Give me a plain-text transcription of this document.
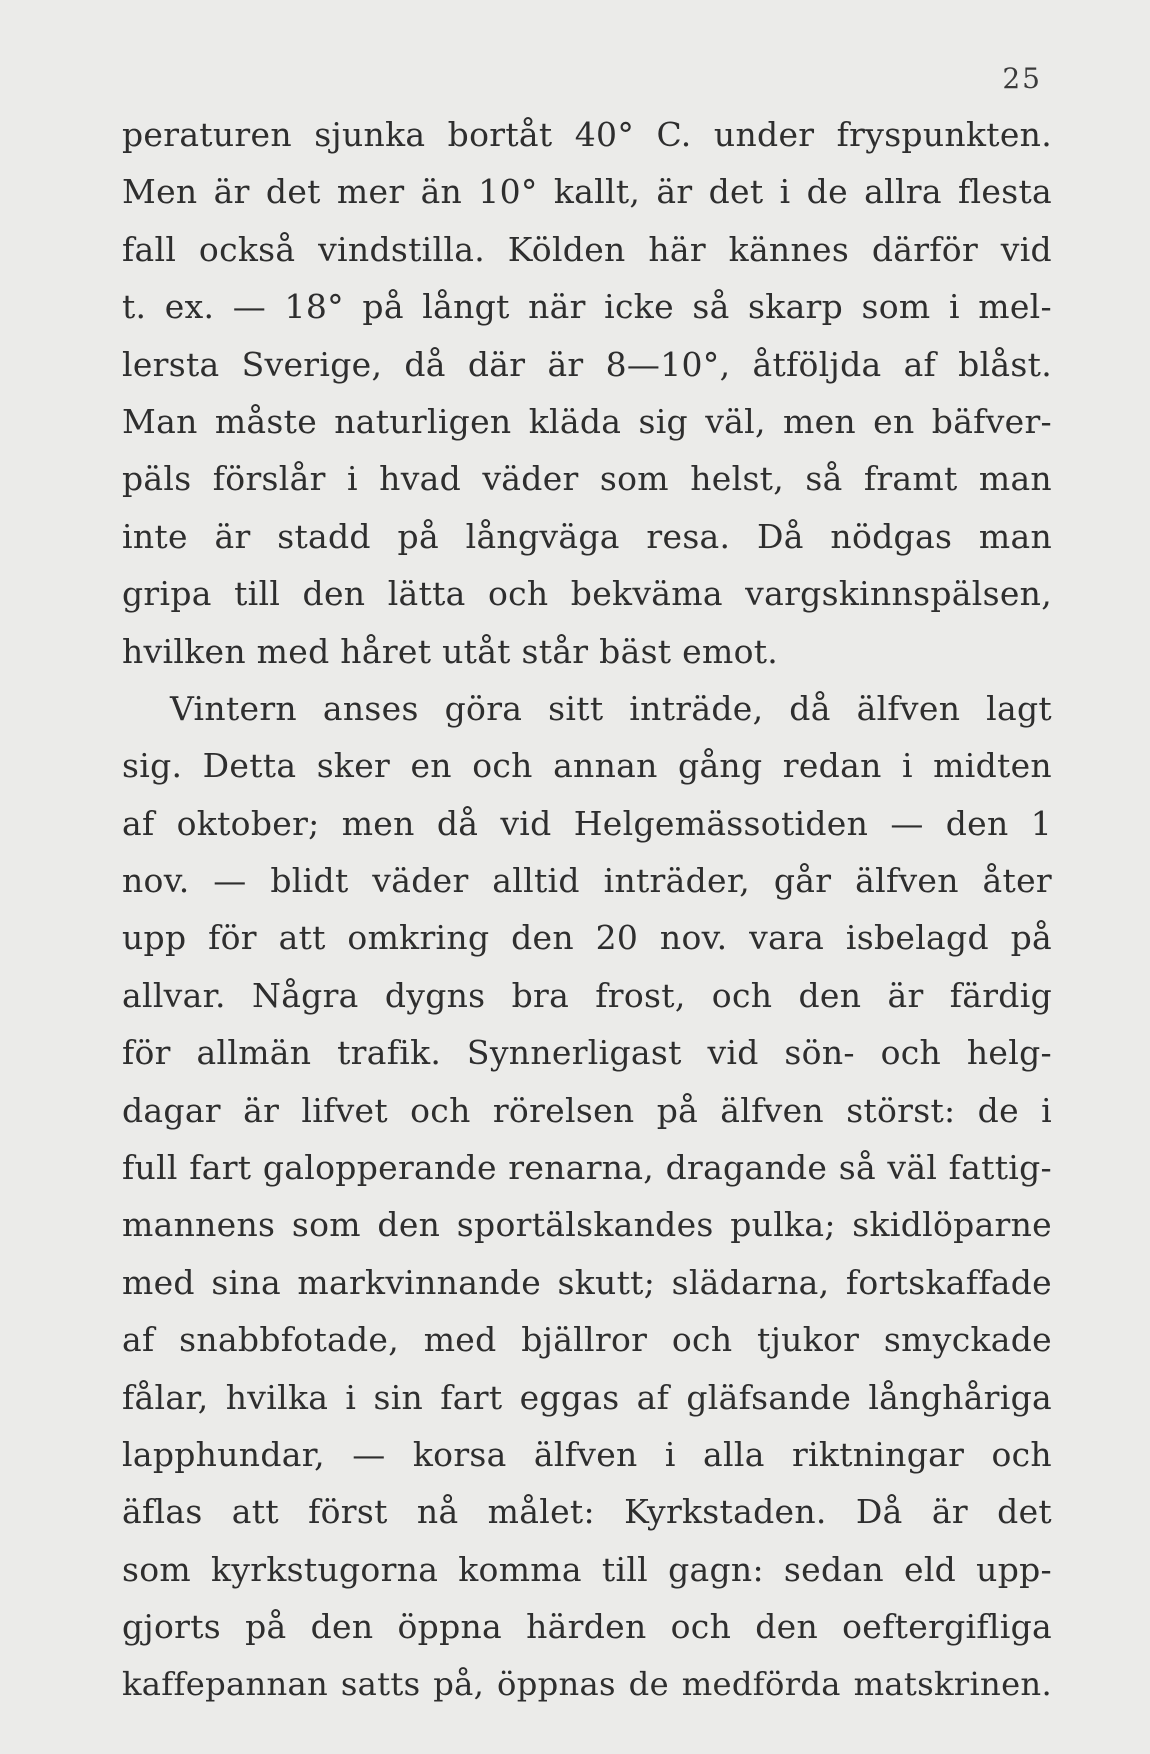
25
peraturen sjunka bortåt 40° C. under fryspunkten.
Men är det mer än 10° kallt, är det i de allra flesta
fall också vindstilla. Kölden här kännes därför vid
t. ex. — 18° på långt när icke så skarp som i mel-
lersta Sverige, då där är 8—10°, åtföljda af blåst.
Man måste naturligen kläda sig väl, men en bäfver-
päls förslår i hvad väder som helst, så framt man
inte är stadd på långväga resa. Då nödgas man
gripa till den lätta och bekväma vargskinnspälsen,
hvilken med håret utåt står bäst emot.
Vintern anses göra sitt inträde, då älfven lagt
sig. Detta sker en och annan gång redan i midten
af oktober; men då vid Helgemässotiden — den 1
nov. — blidt väder alltid inträder, går älfven åter
upp för att omkring den 20 nov. vara isbelagd på
allvar. Några dygns bra frost, och den är färdig
för allmän trafik. Synnerligast vid sön- och helg-
dagar är lifvet och rörelsen på älfven störst: de i
full fart galopperande renarna, dragande så väl fattig-
mannens som den sportälskandes pulka; skidlöparne
med sina markvinnande skutt; slädarna, fortskaffade
af snabbfotade, med bjällror och tjukor smyckade
fålar, hvilka i sin fart eggas af gläfsande långhåriga
lapphundar, — korsa älfven i alla riktningar och
äflas att först nå målet: Kyrkstaden. Då är det
som kyrkstugorna komma till gagn: sedan eld upp-
gjorts på den öppna härden och den oeftergifliga
kaffepannan satts på, öppnas de medförda matskrinen.
